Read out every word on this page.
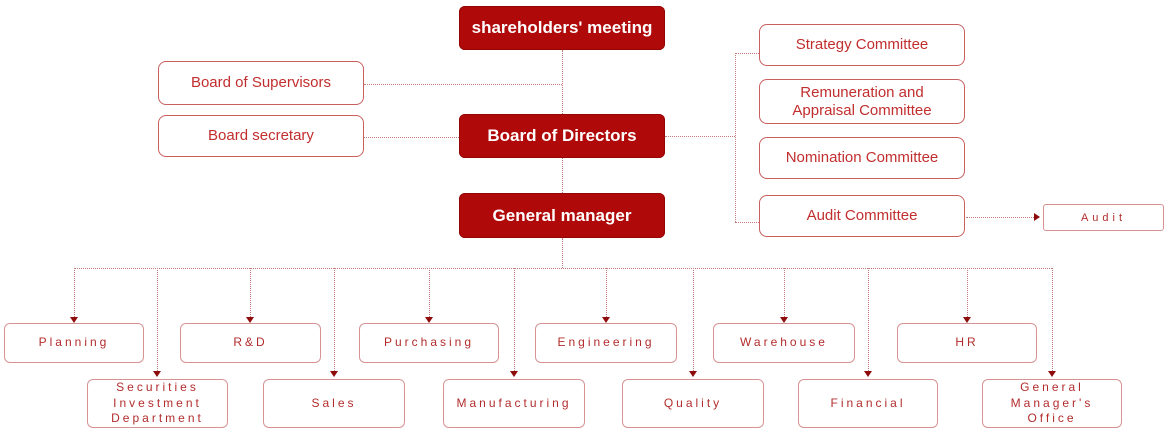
shareholders' meeting
Board of Directors
General manager
Board of Supervisors
Board secretary
Strategy Committee
Remuneration and Appraisal Committee
Nomination Committee
Audit Committee	Audit
Planning	R&D	Purchasing	Engineering	Warehouse	HR
Securities Investment Department
Sales	Manufacturing	Quality	Financial
General Manager's Office
